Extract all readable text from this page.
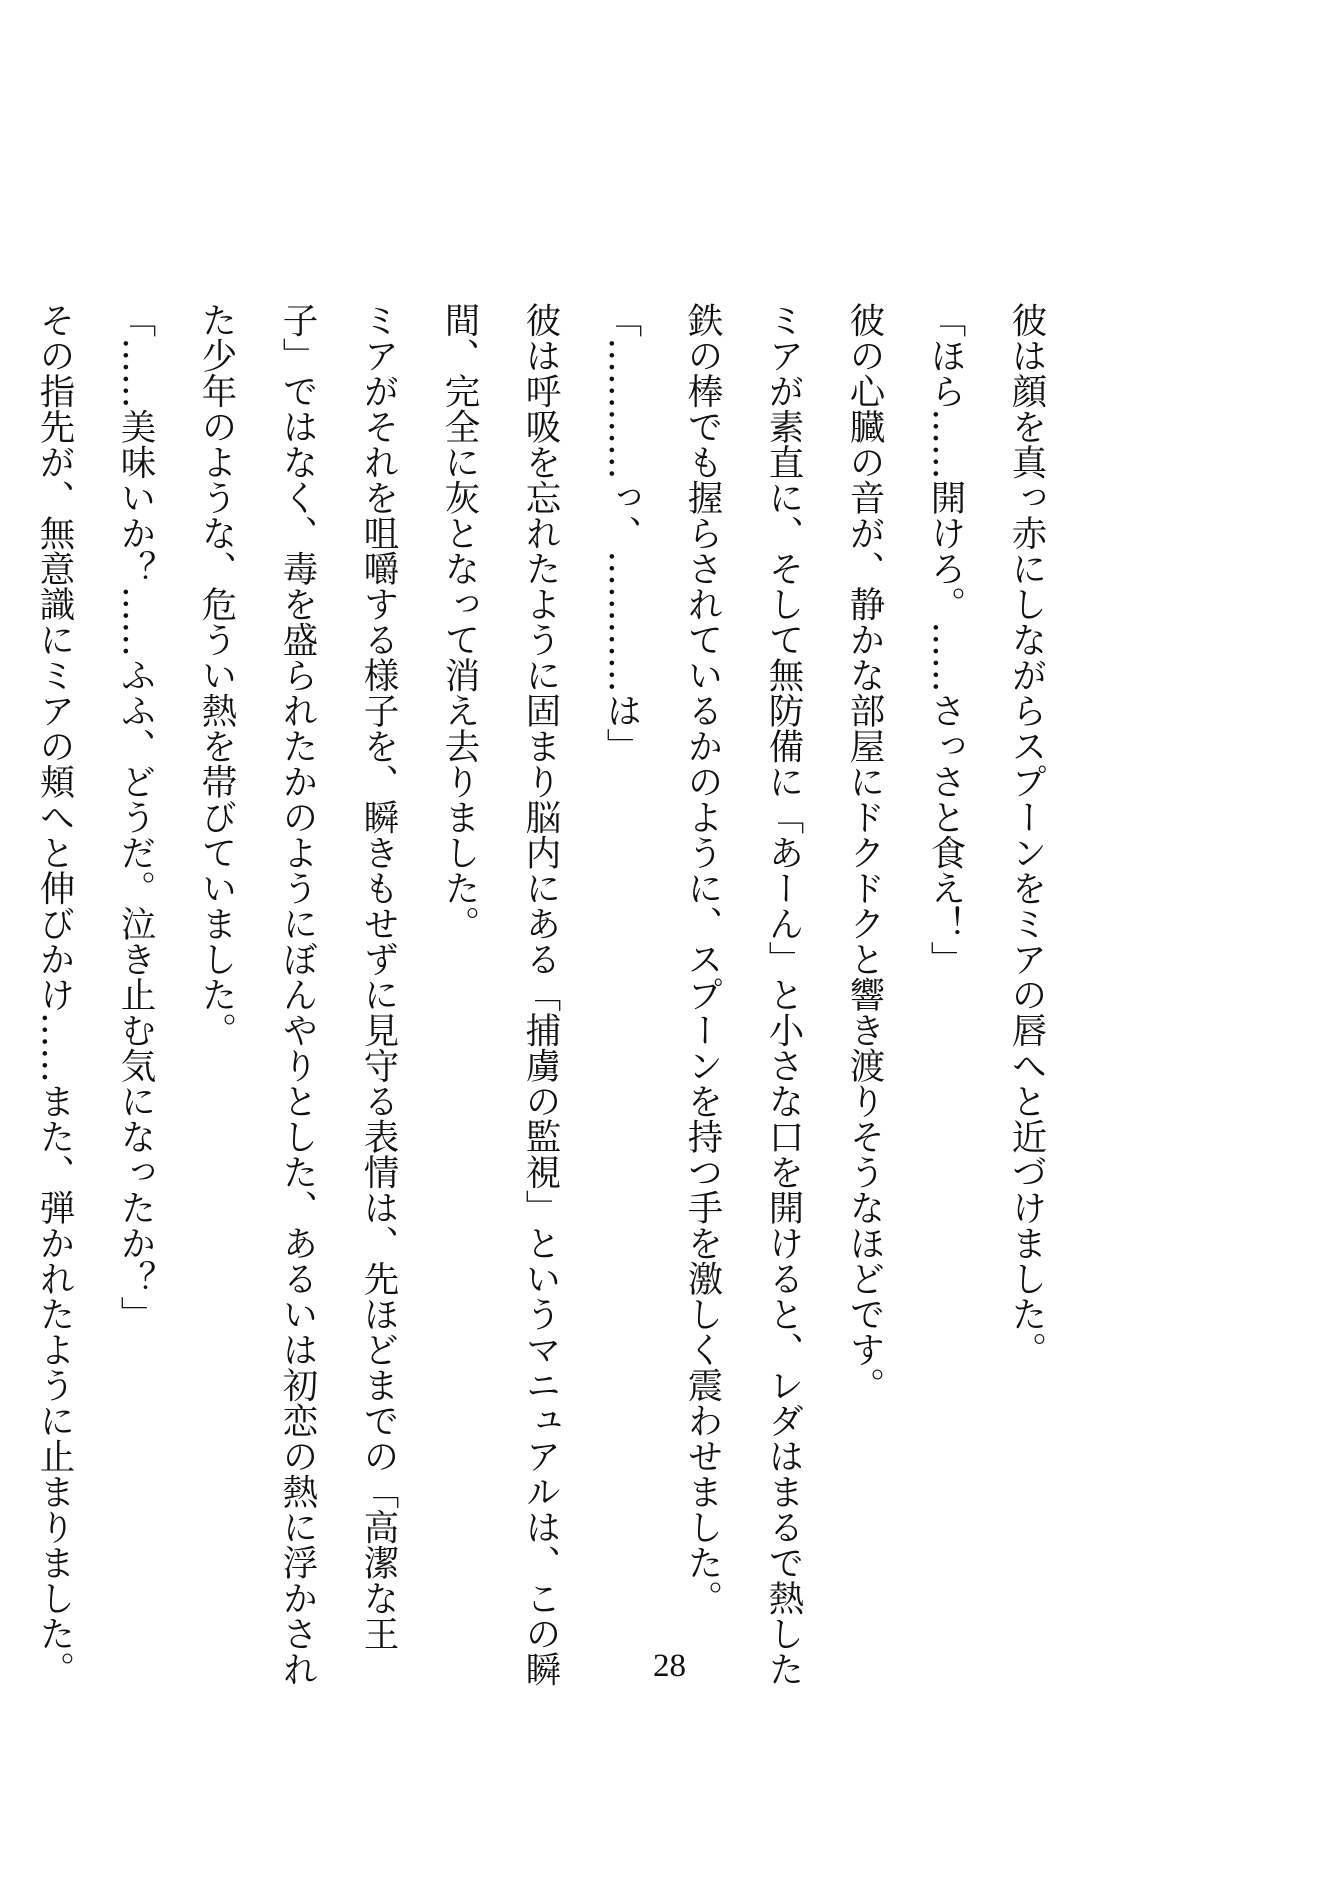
彼は顔を真っ赤にしながらスプーンをミアの唇へと近づけました。
「ほら……開けろ。……さっさと食え！」
彼の心臓の音が、静かな部屋にドクドクと響き渡りそうなほどです。
ミアが素直に、そして無防備に「あーん」と小さな口を開けると、レダはまるで熱した
鉄の棒でも握らされているかのように、スプーンを持つ手を激しく震わせました。
「…………っ、…………は」
彼は呼吸を忘れたように固まり脳内にある「捕虜の監視」というマニュアルは、この瞬
間、完全に灰となって消え去りました。
ミアがそれを咀嚼する様子を、瞬きもせずに見守る表情は、先ほどまでの「高潔な王
子」ではなく、毒を盛られたかのようにぼんやりとした、あるいは初恋の熱に浮かされ
た少年のような、危うい熱を帯びていました。
「……美味いか？……ふふ、どうだ。泣き止む気になったか？」
その指先が、無意識にミアの頬へと伸びかけ……また、弾かれたように止まりました。	28
